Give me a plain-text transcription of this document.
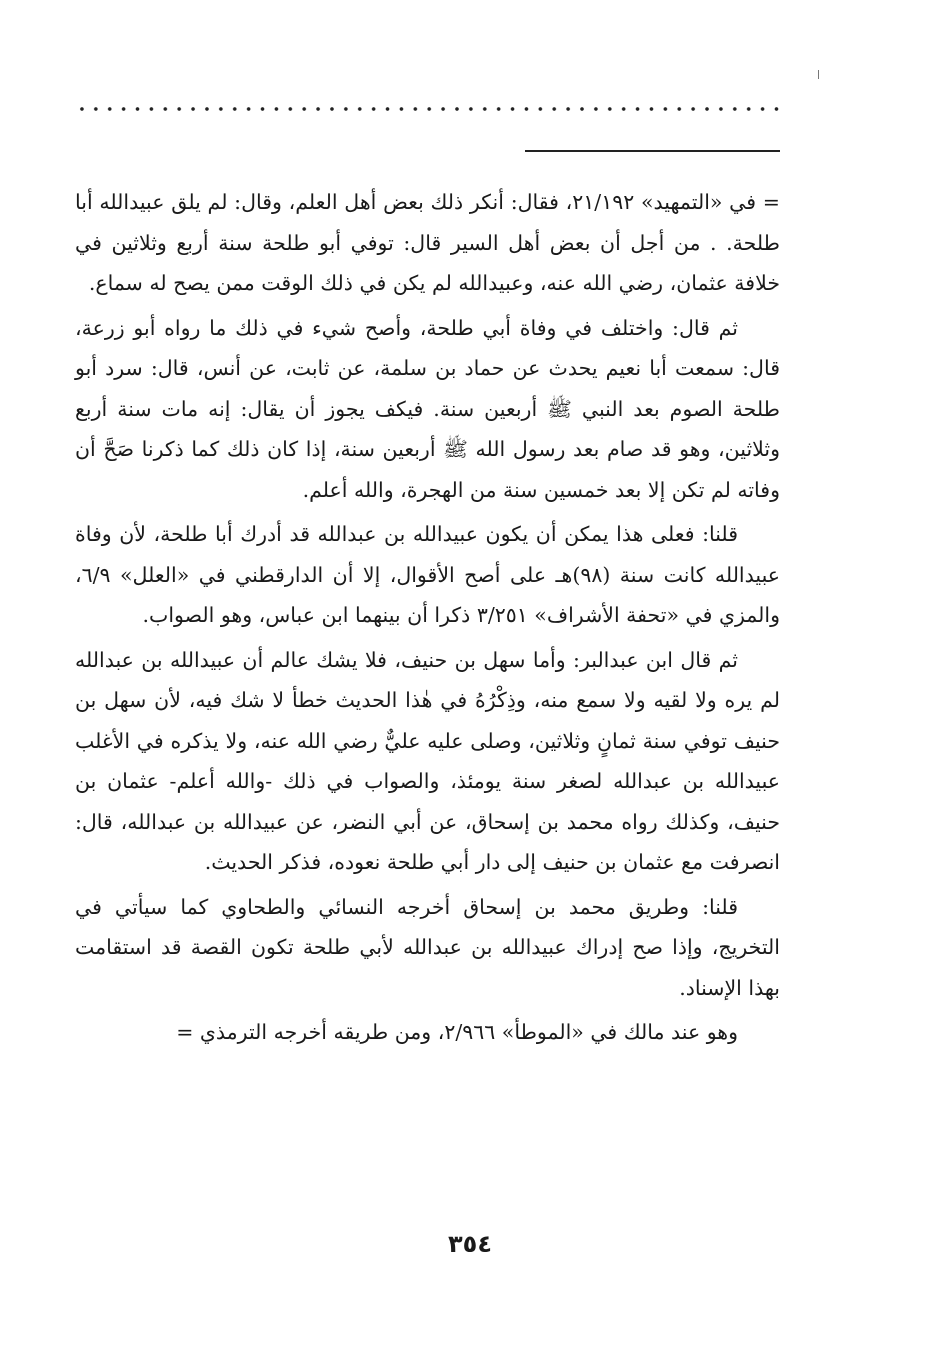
= في «التمهيد» ٢١/١٩٢، فقال: أنكر ذلك بعض أهل العلم، وقال: لم يلق عبيدالله أبا طلحة. . من أجل أن بعض أهل السير قال: توفي أبو طلحة سنة أربع وثلاثين في خلافة عثمان، رضي الله عنه، وعبيدالله لم يكن في ذلك الوقت ممن يصح له سماع.

ثم قال: واختلف في وفاة أبي طلحة، وأصح شيء في ذلك ما رواه أبو زرعة، قال: سمعت أبا نعيم يحدث عن حماد بن سلمة، عن ثابت، عن أنس، قال: سرد أبو طلحة الصوم بعد النبي ﷺ أربعين سنة. فيكف يجوز أن يقال: إنه مات سنة أربع وثلاثين، وهو قد صام بعد رسول الله ﷺ أربعين سنة، إذا كان ذلك كما ذكرنا صَحَّ أن وفاته لم تكن إلا بعد خمسين سنة من الهجرة، والله أعلم.

قلنا: فعلى هذا يمكن أن يكون عبيدالله بن عبدالله قد أدرك أبا طلحة، لأن وفاة عبيدالله كانت سنة (٩٨)هـ على أصح الأقوال، إلا أن الدارقطني في «العلل» ٦/٩، والمزي في «تحفة الأشراف» ٣/٢٥١ ذكرا أن بينهما ابن عباس، وهو الصواب.

ثم قال ابن عبدالبر: وأما سهل بن حنيف، فلا يشك عالم أن عبيدالله بن عبدالله لم يره ولا لقيه ولا سمع منه، وذِكْرُهُ في هٰذا الحديث خطأ لا شك فيه، لأن سهل بن حنيف توفي سنة ثمانٍ وثلاثين، وصلى عليه عليٌّ رضي الله عنه، ولا يذكره في الأغلب عبيدالله بن عبدالله لصغر سنة يومئذ، والصواب في ذلك -والله أعلم- عثمان بن حنيف، وكذلك رواه محمد بن إسحاق، عن أبي النضر، عن عبيدالله بن عبدالله، قال: انصرفت مع عثمان بن حنيف إلى دار أبي طلحة نعوده، فذكر الحديث.

قلنا: وطريق محمد بن إسحاق أخرجه النسائي والطحاوي كما سيأتي في التخريج، وإذا صح إدراك عبيدالله بن عبدالله لأبي طلحة تكون القصة قد استقامت بهذا الإسناد.

وهو عند مالك في «الموطأ» ٢/٩٦٦، ومن طريقه أخرجه الترمذي =

٣٥٤
